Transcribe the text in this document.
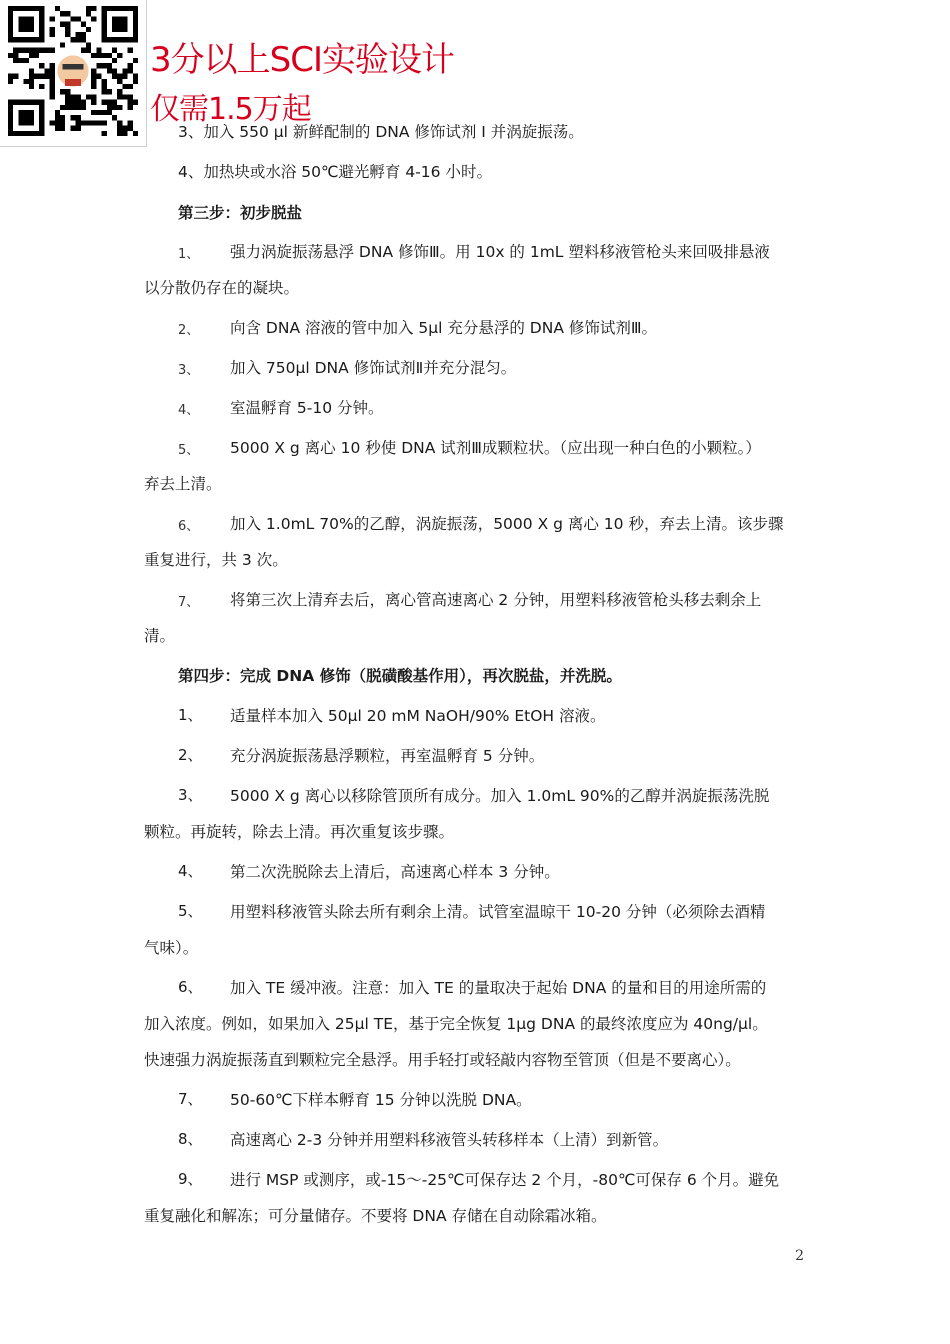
3分以上SCI实验设计
仅需1.5万起
3、加入 550 μl 新鲜配制的 DNA 修饰试剂 I 并涡旋振荡。
4、加热块或水浴 50℃避光孵育 4-16 小时。
第三步：初步脱盐
1、 强力涡旋振荡悬浮 DNA 修饰Ⅲ。用 10x 的 1mL 塑料移液管枪头来回吸排悬液
以分散仍存在的凝块。
2、 向含 DNA 溶液的管中加入 5μl 充分悬浮的 DNA 修饰试剂Ⅲ。
3、 加入 750μl DNA 修饰试剂Ⅱ并充分混匀。
4、 室温孵育 5-10 分钟。
5、 5000 X g 离心 10 秒使 DNA 试剂Ⅲ成颗粒状。（应出现一种白色的小颗粒。）
弃去上清。
6、 加入 1.0mL 70%的乙醇，涡旋振荡，5000 X g 离心 10 秒，弃去上清。该步骤
重复进行，共 3 次。
7、 将第三次上清弃去后，离心管高速离心 2 分钟，用塑料移液管枪头移去剩余上
清。
第四步：完成 DNA 修饰（脱磺酸基作用），再次脱盐，并洗脱。
1、 适量样本加入 50μl 20 mM NaOH/90% EtOH 溶液。
2、 充分涡旋振荡悬浮颗粒，再室温孵育 5 分钟。
3、 5000 X g 离心以移除管顶所有成分。加入 1.0mL 90%的乙醇并涡旋振荡洗脱
颗粒。再旋转，除去上清。再次重复该步骤。
4、 第二次洗脱除去上清后，高速离心样本 3 分钟。
5、 用塑料移液管头除去所有剩余上清。试管室温晾干 10-20 分钟（必须除去酒精
气味）。
6、 加入 TE 缓冲液。注意：加入 TE 的量取决于起始 DNA 的量和目的用途所需的
加入浓度。例如，如果加入 25μl TE，基于完全恢复 1μg DNA 的最终浓度应为 40ng/μl。
快速强力涡旋振荡直到颗粒完全悬浮。用手轻打或轻敲内容物至管顶（但是不要离心）。
7、 50-60℃下样本孵育 15 分钟以洗脱 DNA。
8、 高速离心 2-3 分钟并用塑料移液管头转移样本（上清）到新管。
9、 进行 MSP 或测序，或-15～-25℃可保存达 2 个月，-80℃可保存 6 个月。避免
重复融化和解冻；可分量储存。不要将 DNA 存储在自动除霜冰箱。
2
